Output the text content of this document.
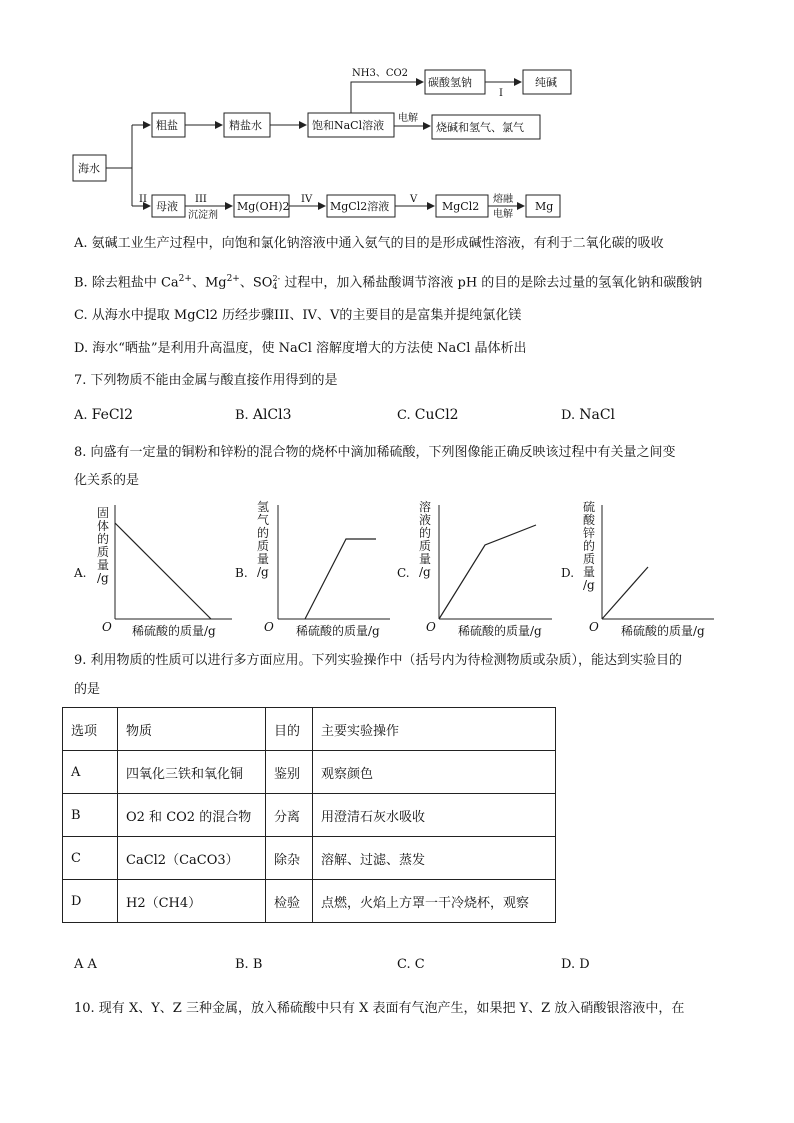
海水
粗盐	精盐水	饱和NaCl溶液
NH3、CO2
碳酸氢钠
I
纯碱
电解
烧碱和氢气、氯气
II
母液
III
沉淀剂
Mg(OH)2
IV
MgCl2溶液
V
MgCl2
熔融
电解
Mg
A. 氨碱工业生产过程中，向饱和氯化钠溶液中通入氨气的目的是形成碱性溶液，有利于二氧化碳的吸收
B. 除去粗盐中 $Ca^{2+}$、$Mg^{2+}$、SO2-
4 过程中，加入稀盐酸调节溶液 pH 的目的是除去过量的氢氧化钠和碳酸钠
C. 从海水中提取 MgCl2 历经步骤III、IV、V的主要目的是富集并提纯氯化镁
D. 海水“晒盐”是利用升高温度，使 NaCl 溶解度增大的方法使 NaCl 晶体析出
7. 下列物质不能由金属与酸直接作用得到的是
A. FeCl2	B. AlCl3	C. CuCl2	D. NaCl
8. 向盛有一定量的铜粉和锌粉的混合物的烧杯中滴加稀硫酸，下列图像能正确反映该过程中有关量之间变
化关系的是
A.
固体的质量/g
O 稀硫酸的质量/g
B.
氢气的质量/g
O 稀硫酸的质量/g
C.
溶液的质量/g
O 稀硫酸的质量/g
D.
硫酸锌的质量/g
O 稀硫酸的质量/g
9. 利用物质的性质可以进行多方面应用。下列实验操作中（括号内为待检测物质或杂质），能达到实验目的
的是
选项	物质	目的	主要实验操作
A	四氧化三铁和氧化铜	鉴别	观察颜色
B	O2 和 CO2 的混合物	分离	用澄清石灰水吸收
C	CaCl2（CaCO3）	除杂	溶解、过滤、蒸发
D	H2（CH4）	检验	点燃，火焰上方罩一干冷烧杯，观察
A A	B. B	C. C	D. D
10. 现有 X、Y、Z 三种金属，放入稀硫酸中只有 X 表面有气泡产生，如果把 Y、Z 放入硝酸银溶液中，在
